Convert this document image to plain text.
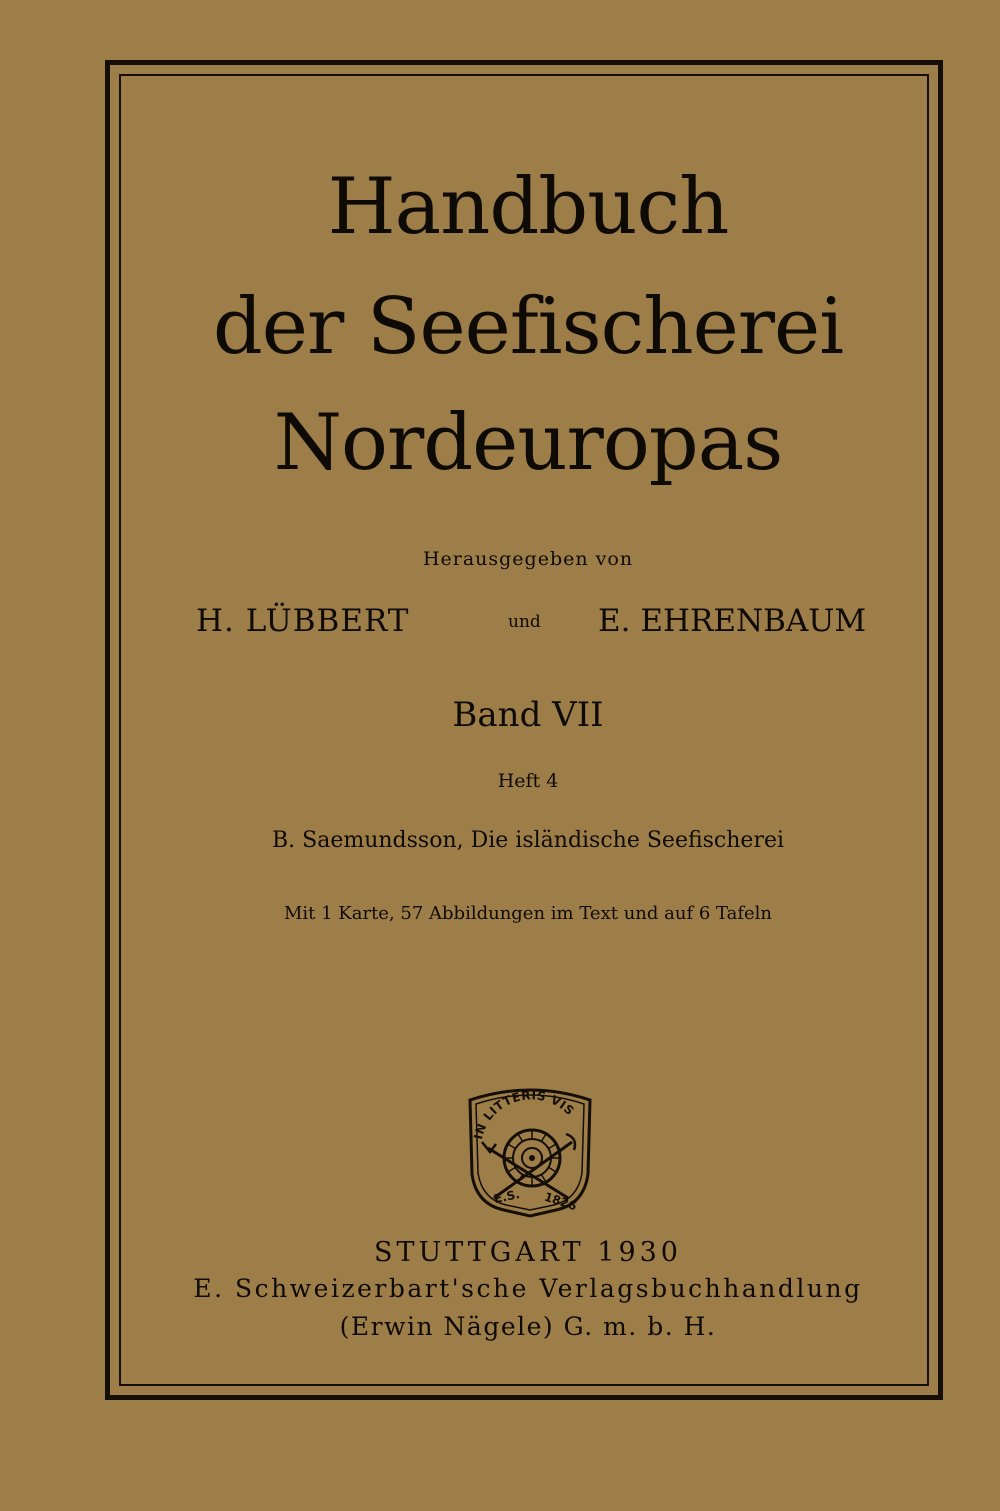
Handbuch
der Seefischerei
Nordeuropas
Herausgegeben von
H. LÜBBERT	und E. EHRENBAUM
Band VII
Heft 4
B. Saemundsson, Die isländische Seefischerei
Mit 1 Karte, 57 Abbildungen im Text und auf 6 Tafeln
IN LITTERIS VIS
E.S. 1826
STUTTGART 1930
E. Schweizerbart'sche Verlagsbuchhandlung
(Erwin Nägele) G. m. b. H.
